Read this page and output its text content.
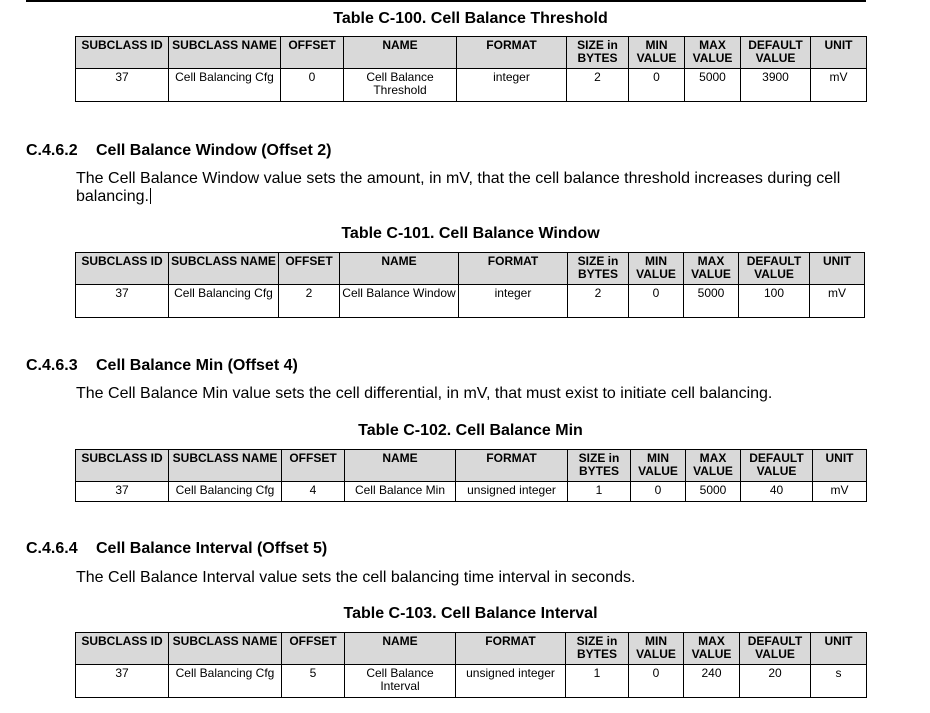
Table C-100. Cell Balance Threshold
SUBCLASS ID	SUBCLASS NAME	OFFSET	NAME	FORMAT	SIZE in BYTES	MIN VALUE	MAX VALUE	DEFAULT VALUE	UNIT
37	Cell Balancing Cfg	0	Cell Balance Threshold	integer	2	0	5000	3900	mV
C.4.6.2 Cell Balance Window (Offset 2)
The Cell Balance Window value sets the amount, in mV, that the cell balance threshold increases during cell balancing.
Table C-101. Cell Balance Window
SUBCLASS ID	SUBCLASS NAME	OFFSET	NAME	FORMAT	SIZE in BYTES	MIN VALUE	MAX VALUE	DEFAULT VALUE	UNIT
37	Cell Balancing Cfg	2	Cell Balance Window	integer	2	0	5000	100	mV
C.4.6.3 Cell Balance Min (Offset 4)
The Cell Balance Min value sets the cell differential, in mV, that must exist to initiate cell balancing.
Table C-102. Cell Balance Min
SUBCLASS ID	SUBCLASS NAME	OFFSET	NAME	FORMAT	SIZE in BYTES	MIN VALUE	MAX VALUE	DEFAULT VALUE	UNIT
37	Cell Balancing Cfg	4	Cell Balance Min	unsigned integer	1	0	5000	40	mV
C.4.6.4 Cell Balance Interval (Offset 5)
The Cell Balance Interval value sets the cell balancing time interval in seconds.
Table C-103. Cell Balance Interval
SUBCLASS ID	SUBCLASS NAME	OFFSET	NAME	FORMAT	SIZE in BYTES	MIN VALUE	MAX VALUE	DEFAULT VALUE	UNIT
37	Cell Balancing Cfg	5	Cell Balance Interval	unsigned integer	1	0	240	20	s
